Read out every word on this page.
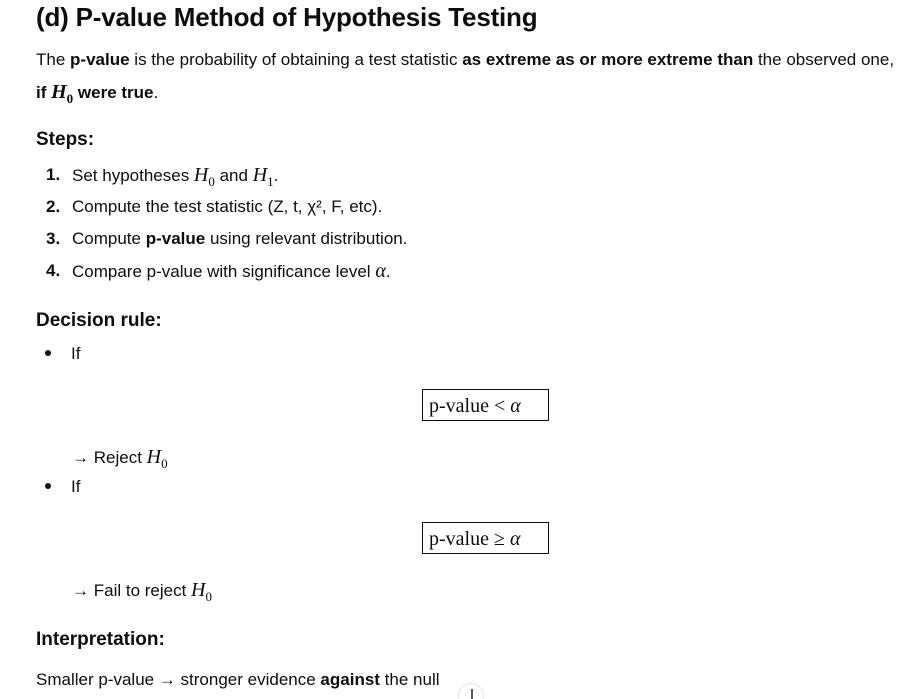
(d) P-value Method of Hypothesis Testing

The p-value is the probability of obtaining a test statistic as extreme as or more extreme than the observed one, if $H_0$ were true.

Steps:
1. Set hypotheses $H_0$ and $H_1$.
2. Compute the test statistic (Z, t, χ², F, etc).
3. Compute p-value using relevant distribution.
4. Compare p-value with significance level α.
Decision rule:
If
p-value < α
→ Reject $H_0$
If
p-value ≥ α
→ Fail to reject $H_0$
Interpretation:
Smaller p-value → stronger evidence against the null
